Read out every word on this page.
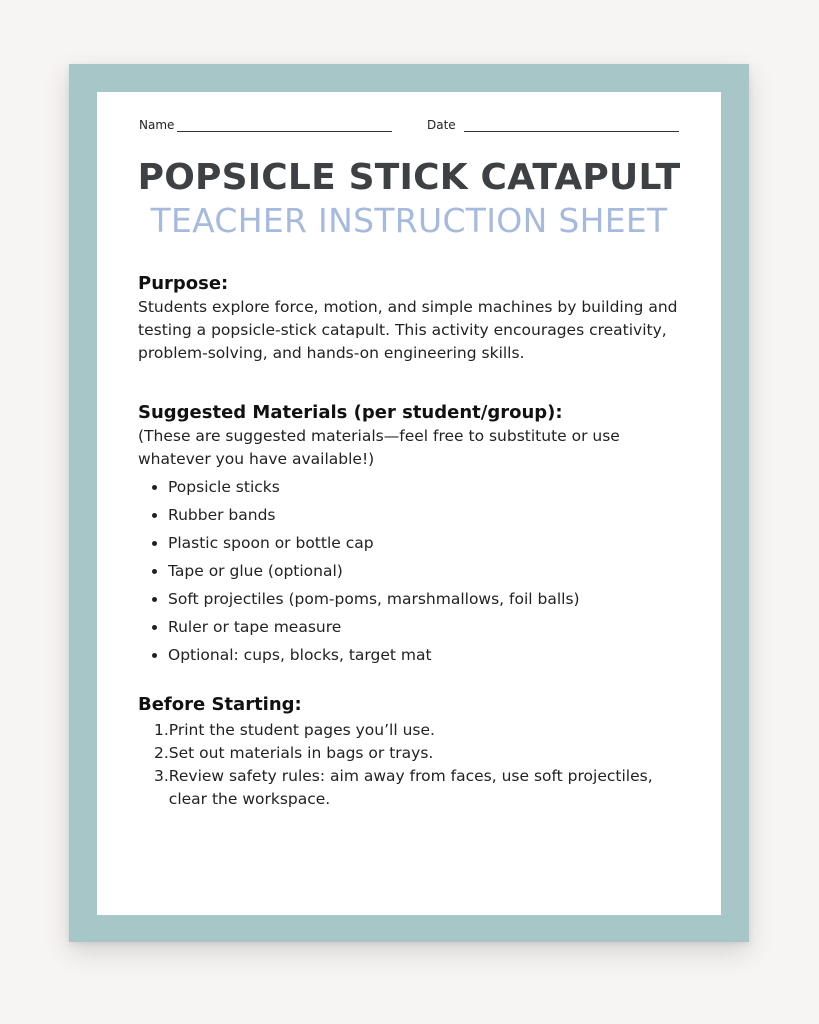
Name	Date
POPSICLE STICK CATAPULT
TEACHER INSTRUCTION SHEET
Purpose:

Students explore force, motion, and simple machines by building and testing a popsicle-stick catapult. This activity encourages creativity, problem-solving, and hands-on engineering skills.

Suggested Materials (per student/group):

(These are suggested materials—feel free to substitute or use whatever you have available!)

Popsicle sticks
Rubber bands
Plastic spoon or bottle cap
Tape or glue (optional)
Soft projectiles (pom-poms, marshmallows, foil balls)
Ruler or tape measure
Optional: cups, blocks, target mat
Before Starting:
1. Print the student pages you’ll use.
2. Set out materials in bags or trays.
3. Review safety rules: aim away from faces, use soft projectiles, clear the workspace.
